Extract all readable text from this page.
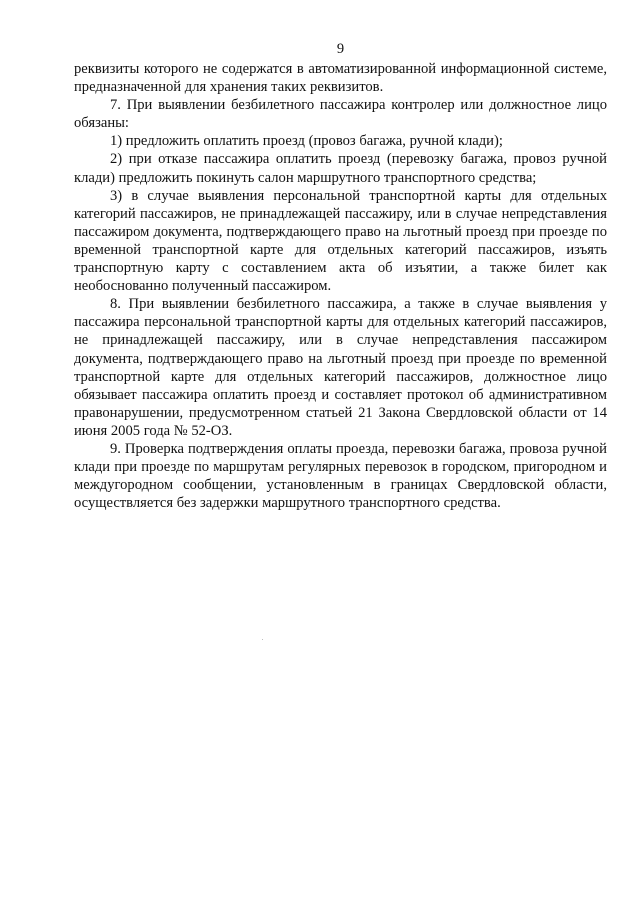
9

реквизиты которого не содержатся в автоматизированной информационной системе, предназначенной для хранения таких реквизитов.

7. При выявлении безбилетного пассажира контролер или должностное лицо обязаны:

1) предложить оплатить проезд (провоз багажа, ручной клади);

2) при отказе пассажира оплатить проезд (перевозку багажа, провоз ручной клади) предложить покинуть салон маршрутного транспортного средства;

3) в случае выявления персональной транспортной карты для отдельных категорий пассажиров, не принадлежащей пассажиру, или в случае непредставления пассажиром документа, подтверждающего право на льготный проезд при проезде по временной транспортной карте для отдельных категорий пассажиров, изъять транспортную карту с составлением акта об изъятии, а также билет как необоснованно полученный пассажиром.

8. При выявлении безбилетного пассажира, а также в случае выявления у пассажира персональной транспортной карты для отдельных категорий пассажиров, не принадлежащей пассажиру, или в случае непредставления пассажиром документа, подтверждающего право на льготный проезд при проезде по временной транспортной карте для отдельных категорий пассажиров, должностное лицо обязывает пассажира оплатить проезд и составляет протокол об административном правонарушении, предусмотренном статьей 21 Закона Свердловской области от 14 июня 2005 года № 52-ОЗ.

9. Проверка подтверждения оплаты проезда, перевозки багажа, провоза ручной клади при проезде по маршрутам регулярных перевозок в городском, пригородном и междугородном сообщении, установленным в границах Свердловской области, осуществляется без задержки маршрутного транспортного средства.
